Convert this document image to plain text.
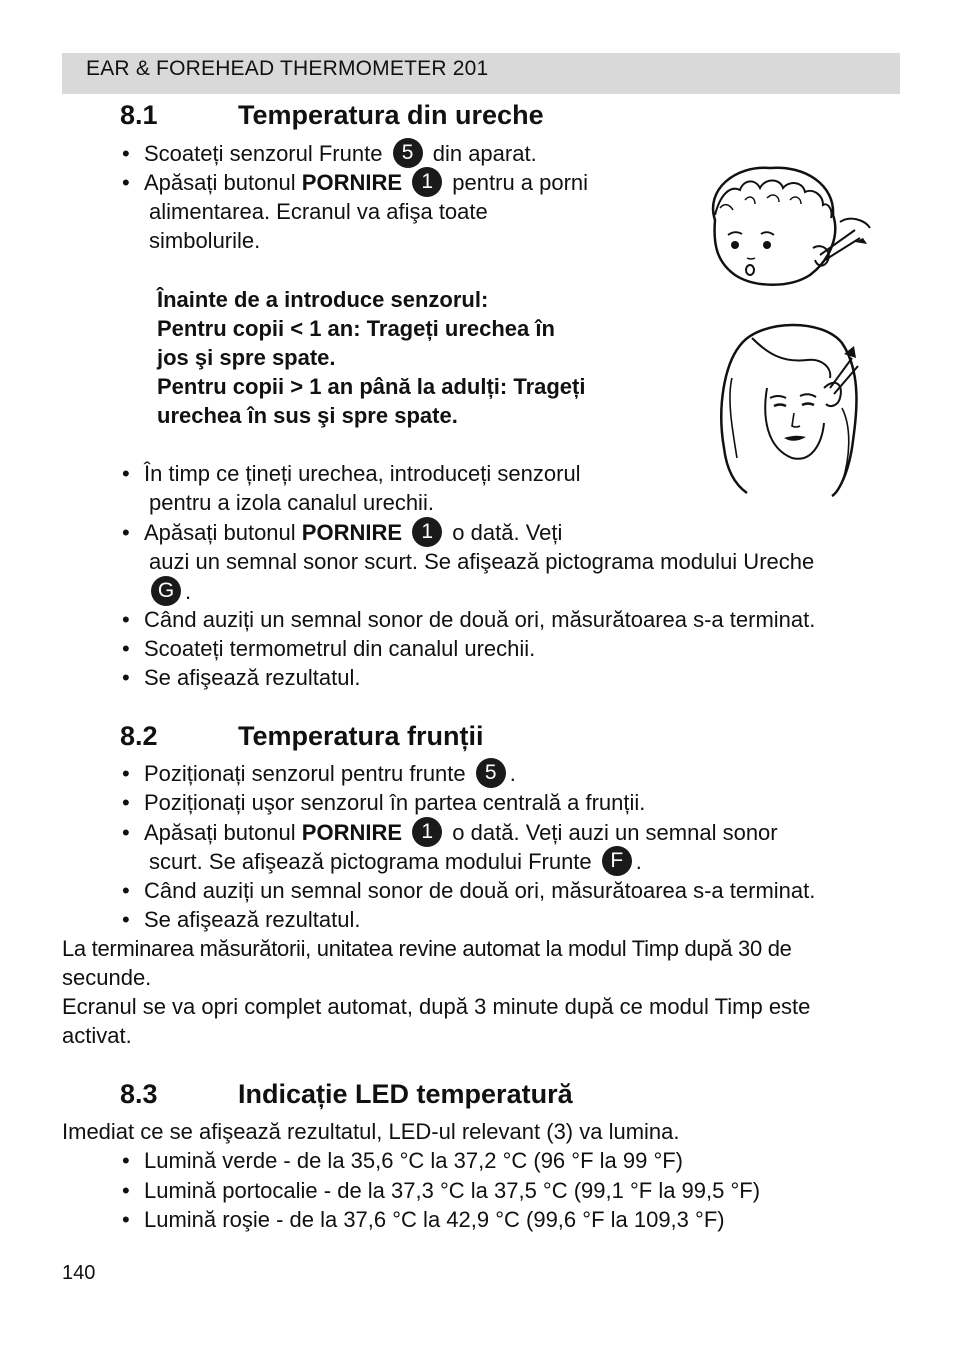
EAR & FOREHEAD THERMOMETER 201
8.1	Temperatura din ureche
• Scoateți senzorul Frunte 5 din aparat.
• Apăsați butonul PORNIRE 1 pentru a porni
alimentarea. Ecranul va afişa toate
simbolurile.
Înainte de a introduce senzorul:
Pentru copii < 1 an: Trageți urechea în
jos şi spre spate.
Pentru copii > 1 an până la adulți: Trageți
urechea în sus şi spre spate.
• În timp ce țineți urechea, introduceți senzorul
pentru a izola canalul urechii.
• Apăsați butonul PORNIRE 1 o dată. Veți
auzi un semnal sonor scurt. Se afişează pictograma modului Ureche
G .
• Când auziți un semnal sonor de două ori, măsurătoarea s-a terminat.
• Scoateți termometrul din canalul urechii.
• Se afişează rezultatul.
8.2	Temperatura frunții
• Poziționați senzorul pentru frunte 5 .
• Poziționați uşor senzorul în partea centrală a frunții.
• Apăsați butonul PORNIRE 1 o dată. Veți auzi un semnal sonor
scurt. Se afişează pictograma modului Frunte F .
• Când auziți un semnal sonor de două ori, măsurătoarea s-a terminat.
• Se afişează rezultatul.
La terminarea măsurătorii, unitatea revine automat la modul Timp după 30 de
secunde.
Ecranul se va opri complet automat, după 3 minute după ce modul Timp este
activat.
8.3	Indicație LED temperatură
Imediat ce se afişează rezultatul, LED-ul relevant (3) va lumina.
• Lumină verde - de la 35,6 °C la 37,2 °C (96 °F la 99 °F)
• Lumină portocalie - de la 37,3 °C la 37,5 °C (99,1 °F la 99,5 °F)
• Lumină roşie - de la 37,6 °C la 42,9 °C (99,6 °F la 109,3 °F)
140
